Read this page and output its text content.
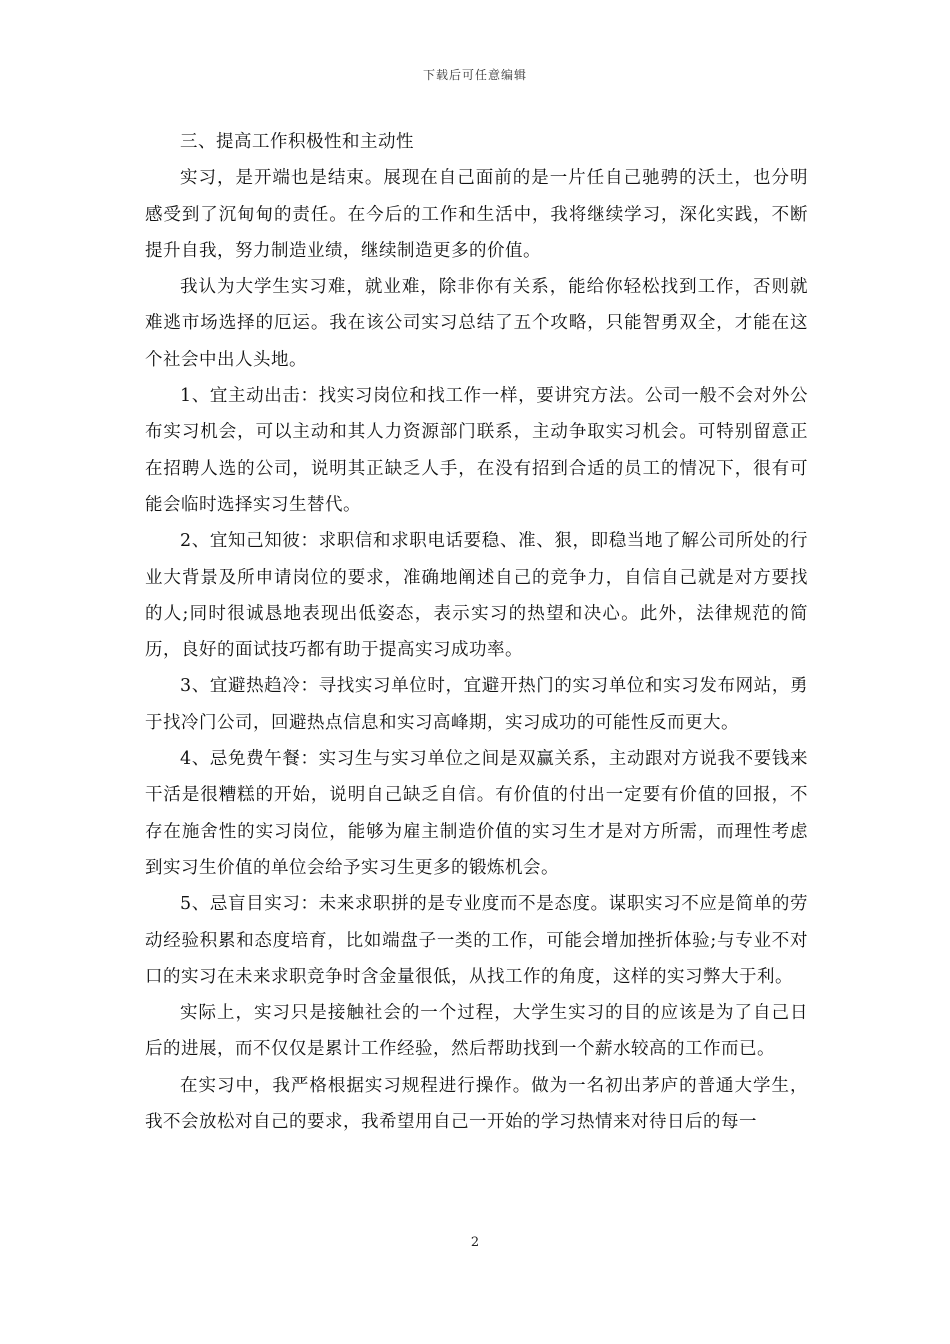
下载后可任意编辑

三、提高工作积极性和主动性

实习，是开端也是结束。展现在自己面前的是一片任自己驰骋的沃土，也分明感受到了沉甸甸的责任。在今后的工作和生活中，我将继续学习，深化实践，不断提升自我，努力制造业绩，继续制造更多的价值。

我认为大学生实习难，就业难，除非你有关系，能给你轻松找到工作，否则就难逃市场选择的厄运。我在该公司实习总结了五个攻略，只能智勇双全，才能在这个社会中出人头地。

1、宜主动出击：找实习岗位和找工作一样，要讲究方法。公司一般不会对外公布实习机会，可以主动和其人力资源部门联系，主动争取实习机会。可特别留意正在招聘人选的公司，说明其正缺乏人手，在没有招到合适的员工的情况下，很有可能会临时选择实习生替代。

2、宜知己知彼：求职信和求职电话要稳、准、狠，即稳当地了解公司所处的行业大背景及所申请岗位的要求，准确地阐述自己的竞争力，自信自己就是对方要找的人;同时很诚恳地表现出低姿态，表示实习的热望和决心。此外，法律规范的简历，良好的面试技巧都有助于提高实习成功率。

3、宜避热趋冷：寻找实习单位时，宜避开热门的实习单位和实习发布网站，勇于找冷门公司，回避热点信息和实习高峰期，实习成功的可能性反而更大。

4、忌免费午餐：实习生与实习单位之间是双赢关系，主动跟对方说我不要钱来干活是很糟糕的开始，说明自己缺乏自信。有价值的付出一定要有价值的回报，不存在施舍性的实习岗位，能够为雇主制造价值的实习生才是对方所需，而理性考虑到实习生价值的单位会给予实习生更多的锻炼机会。

5、忌盲目实习：未来求职拼的是专业度而不是态度。谋职实习不应是简单的劳动经验积累和态度培育，比如端盘子一类的工作，可能会增加挫折体验;与专业不对口的实习在未来求职竞争时含金量很低，从找工作的角度，这样的实习弊大于利。

实际上，实习只是接触社会的一个过程，大学生实习的目的应该是为了自己日后的进展，而不仅仅是累计工作经验，然后帮助找到一个薪水较高的工作而已。

在实习中，我严格根据实习规程进行操作。做为一名初出茅庐的普通大学生，我不会放松对自己的要求，我希望用自己一开始的学习热情来对待日后的每一

2
